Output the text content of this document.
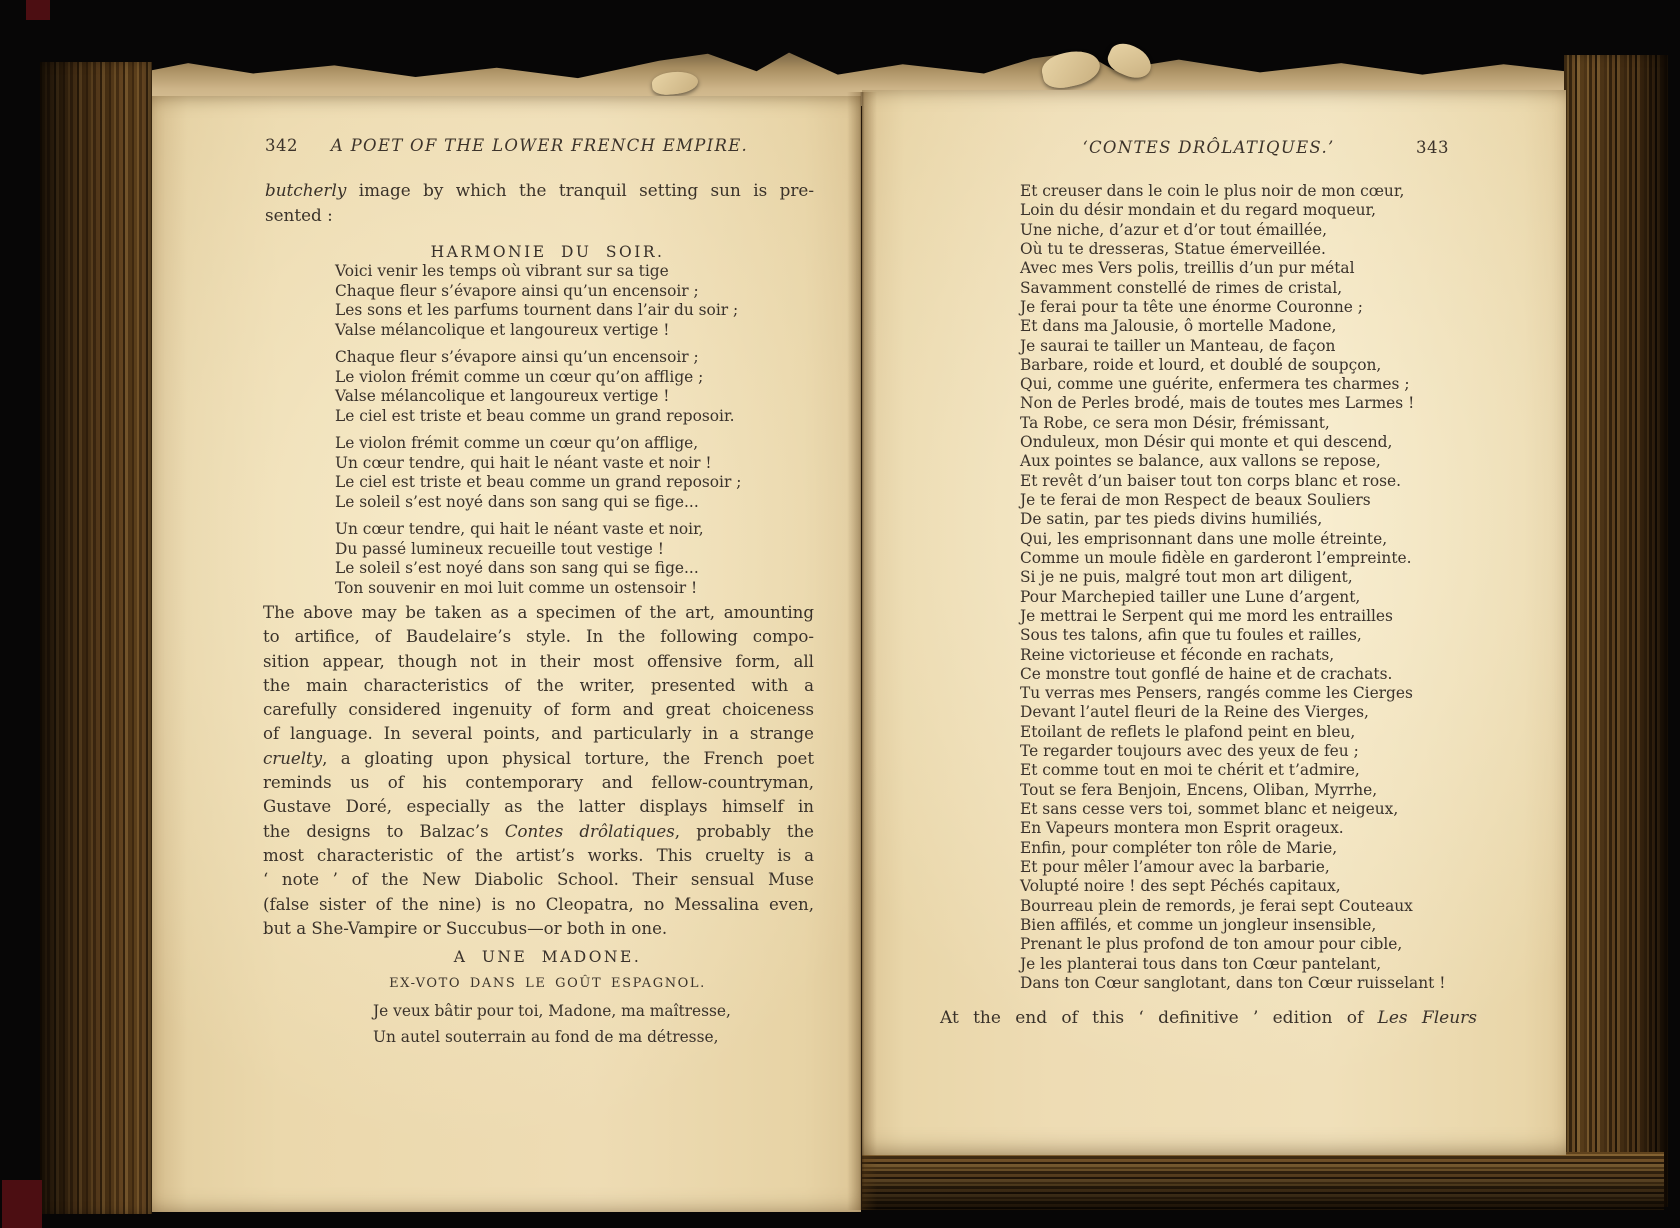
342	A POET OF THE LOWER FRENCH EMPIRE.
butcherly image by which the tranquil setting sun is pre-
sented :
HARMONIE DU SOIR.
Voici venir les temps où vibrant sur sa tige
Chaque fleur s’évapore ainsi qu’un encensoir ;
Les sons et les parfums tournent dans l’air du soir ;
Valse mélancolique et langoureux vertige !
Chaque fleur s’évapore ainsi qu’un encensoir ;
Le violon frémit comme un cœur qu’on afflige ;
Valse mélancolique et langoureux vertige !
Le ciel est triste et beau comme un grand reposoir.
Le violon frémit comme un cœur qu’on afflige,
Un cœur tendre, qui hait le néant vaste et noir !
Le ciel est triste et beau comme un grand reposoir ;
Le soleil s’est noyé dans son sang qui se fige...
Un cœur tendre, qui hait le néant vaste et noir,
Du passé lumineux recueille tout vestige !
Le soleil s’est noyé dans son sang qui se fige...
Ton souvenir en moi luit comme un ostensoir !
The above may be taken as a specimen of the art, amounting
to artifice, of Baudelaire’s style. In the following compo-
sition appear, though not in their most offensive form, all
the main characteristics of the writer, presented with a
carefully considered ingenuity of form and great choiceness
of language. In several points, and particularly in a strange
cruelty, a gloating upon physical torture, the French poet
reminds us of his contemporary and fellow-countryman,
Gustave Doré, especially as the latter displays himself in
the designs to Balzac’s Contes drôlatiques, probably the
most characteristic of the artist’s works. This cruelty is a
‘ note ’ of the New Diabolic School. Their sensual Muse
(false sister of the nine) is no Cleopatra, no Messalina even,
but a She-Vampire or Succubus—or both in one.
A UNE MADONE.
EX-VOTO DANS LE GOÛT ESPAGNOL.
Je veux bâtir pour toi, Madone, ma maîtresse,
Un autel souterrain au fond de ma détresse,
‘CONTES DRÔLATIQUES.’	343
Et creuser dans le coin le plus noir de mon cœur,
Loin du désir mondain et du regard moqueur,
Une niche, d’azur et d’or tout émaillée,
Où tu te dresseras, Statue émerveillée.
Avec mes Vers polis, treillis d’un pur métal
Savamment constellé de rimes de cristal,
Je ferai pour ta tête une énorme Couronne ;
Et dans ma Jalousie, ô mortelle Madone,
Je saurai te tailler un Manteau, de façon
Barbare, roide et lourd, et doublé de soupçon,
Qui, comme une guérite, enfermera tes charmes ;
Non de Perles brodé, mais de toutes mes Larmes !
Ta Robe, ce sera mon Désir, frémissant,
Onduleux, mon Désir qui monte et qui descend,
Aux pointes se balance, aux vallons se repose,
Et revêt d’un baiser tout ton corps blanc et rose.
Je te ferai de mon Respect de beaux Souliers
De satin, par tes pieds divins humiliés,
Qui, les emprisonnant dans une molle étreinte,
Comme un moule fidèle en garderont l’empreinte.
Si je ne puis, malgré tout mon art diligent,
Pour Marchepied tailler une Lune d’argent,
Je mettrai le Serpent qui me mord les entrailles
Sous tes talons, afin que tu foules et railles,
Reine victorieuse et féconde en rachats,
Ce monstre tout gonflé de haine et de crachats.
Tu verras mes Pensers, rangés comme les Cierges
Devant l’autel fleuri de la Reine des Vierges,
Etoilant de reflets le plafond peint en bleu,
Te regarder toujours avec des yeux de feu ;
Et comme tout en moi te chérit et t’admire,
Tout se fera Benjoin, Encens, Oliban, Myrrhe,
Et sans cesse vers toi, sommet blanc et neigeux,
En Vapeurs montera mon Esprit orageux.
Enfin, pour compléter ton rôle de Marie,
Et pour mêler l’amour avec la barbarie,
Volupté noire ! des sept Péchés capitaux,
Bourreau plein de remords, je ferai sept Couteaux
Bien affilés, et comme un jongleur insensible,
Prenant le plus profond de ton amour pour cible,
Je les planterai tous dans ton Cœur pantelant,
Dans ton Cœur sanglotant, dans ton Cœur ruisselant !
At the end of this ‘ definitive ’ edition of Les Fleurs
